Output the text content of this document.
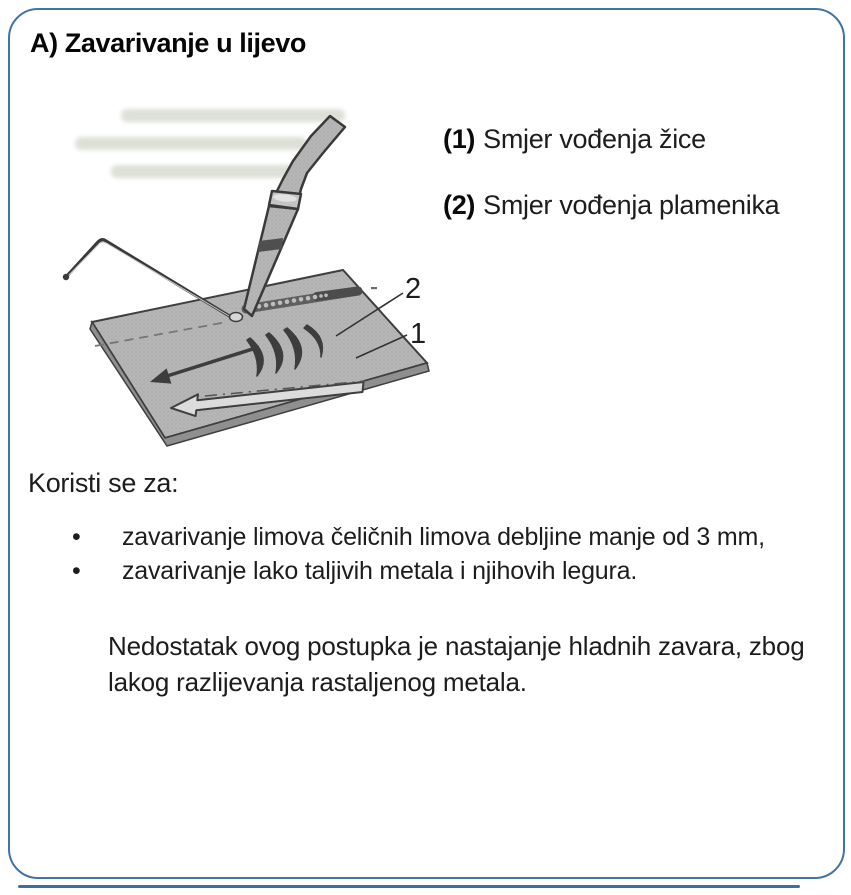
A) Zavarivanje u lijevo
2
1
(1) Smjer vođenja žice
(2) Smjer vođenja plamenika
Koristi se za:
•	zavarivanje limova čeličnih limova debljine manje od 3 mm,
•	zavarivanje lako taljivih metala i njihovih legura.
Nedostatak ovog postupka je nastajanje hladnih zavara, zbog lakog razlijevanja rastaljenog metala.
